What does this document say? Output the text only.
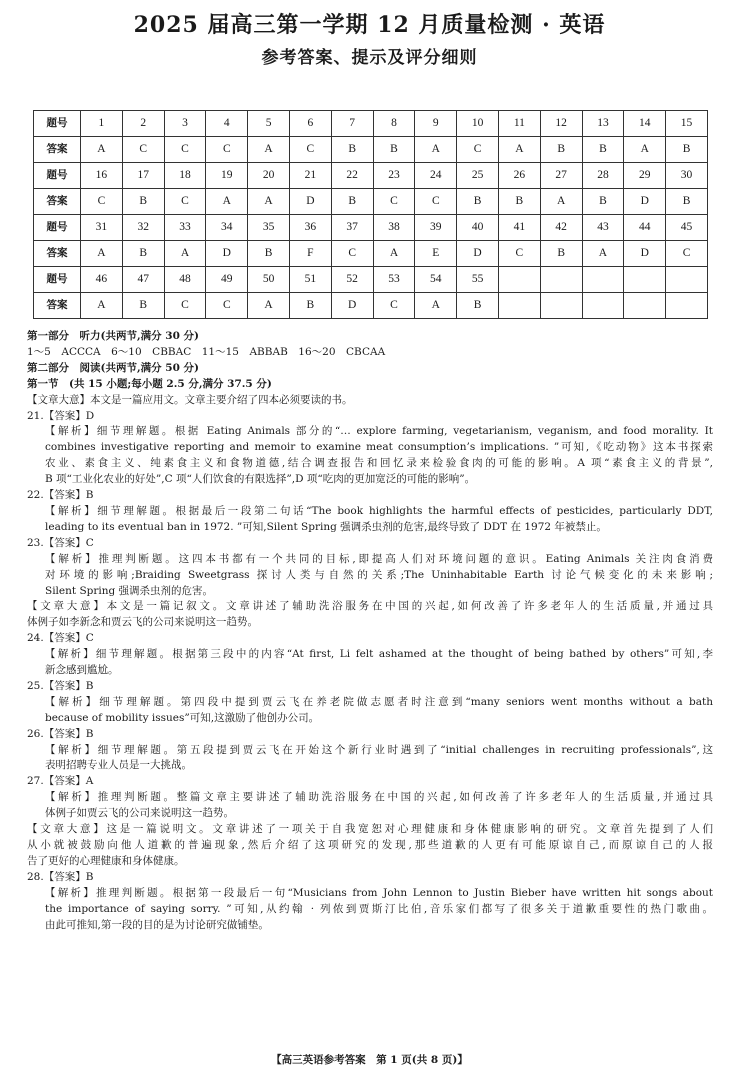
2025 届高三第一学期 12 月质量检测 · 英语
参考答案、提示及评分细则
题号	1	2	3	4	5	6	7	8	9	10	11	12	13	14	15
答案	A	C	C	C	A	C	B	B	A	C	A	B	B	A	B
题号	16	17	18	19	20	21	22	23	24	25	26	27	28	29	30
答案	C	B	C	A	A	D	B	C	C	B	B	A	B	D	B
题号	31	32	33	34	35	36	37	38	39	40	41	42	43	44	45
答案	A	B	A	D	B	F	C	A	E	D	C	B	A	D	C
题号	46	47	48	49	50	51	52	53	54	55					
答案	A	B	C	C	A	B	D	C	A	B					
第一部分　听力(共两节,满分 30 分)
1～5　ACCCA　6～10　CBBAC　11～15　ABBAB　16～20　CBCAA
第二部分　阅读(共两节,满分 50 分)
第一节　(共 15 小题;每小题 2.5 分,满分 37.5 分)
【文章大意】本文是一篇应用文。文章主要介绍了四本必须要读的书。
21.【答案】D
【解析】细节理解题。根据 Eating Animals 部分的“… explore farming, vegetarianism, veganism, and food morality. It
combines investigative reporting and memoir to examine meat consumption’s implications. ”可知,《吃动物》这本书探索
农业、素食主义、纯素食主义和食物道德,结合调查报告和回忆录来检验食肉的可能的影响。A 项“素食主义的背景”,
B 项“工业化农业的好处”,C 项“人们饮食的有限选择”,D 项“吃肉的更加宽泛的可能的影响”。
22.【答案】B
【解析】细节理解题。根据最后一段第二句话“The book highlights the harmful effects of pesticides, particularly DDT,
leading to its eventual ban in 1972. ”可知,Silent Spring 强调杀虫剂的危害,最终导致了 DDT 在 1972 年被禁止。
23.【答案】C
【解析】推理判断题。这四本书都有一个共同的目标,即提高人们对环境问题的意识。Eating Animals 关注肉食消费
对环境的影响;Braiding Sweetgrass 探讨人类与自然的关系;The Uninhabitable Earth 讨论气候变化的未来影响;
Silent Spring 强调杀虫剂的危害。
【文章大意】本文是一篇记叙文。文章讲述了辅助洗浴服务在中国的兴起,如何改善了许多老年人的生活质量,并通过具
体例子如李新念和贾云飞的公司来说明这一趋势。
24.【答案】C
【解析】细节理解题。根据第三段中的内容“At first, Li felt ashamed at the thought of being bathed by others”可知,李
新念感到尴尬。
25.【答案】B
【解析】细节理解题。第四段中提到贾云飞在养老院做志愿者时注意到“many seniors went months without a bath
because of mobility issues”可知,这激励了他创办公司。
26.【答案】B
【解析】细节理解题。第五段提到贾云飞在开始这个新行业时遇到了“initial challenges in recruiting professionals”,这
表明招聘专业人员是一大挑战。
27.【答案】A
【解析】推理判断题。整篇文章主要讲述了辅助洗浴服务在中国的兴起,如何改善了许多老年人的生活质量,并通过具
体例子如贾云飞的公司来说明这一趋势。
【文章大意】这是一篇说明文。文章讲述了一项关于自我宽恕对心理健康和身体健康影响的研究。文章首先提到了人们
从小就被鼓励向他人道歉的普遍现象,然后介绍了这项研究的发现,那些道歉的人更有可能原谅自己,而原谅自己的人报
告了更好的心理健康和身体健康。
28.【答案】B
【解析】推理判断题。根据第一段最后一句“Musicians from John Lennon to Justin Bieber have written hit songs about
the importance of saying sorry. ”可知,从约翰 · 列侬到贾斯汀比伯,音乐家们都写了很多关于道歉重要性的热门歌曲。
由此可推知,第一段的目的是为讨论研究做铺垫。
【高三英语参考答案　第 1 页(共 8 页)】
